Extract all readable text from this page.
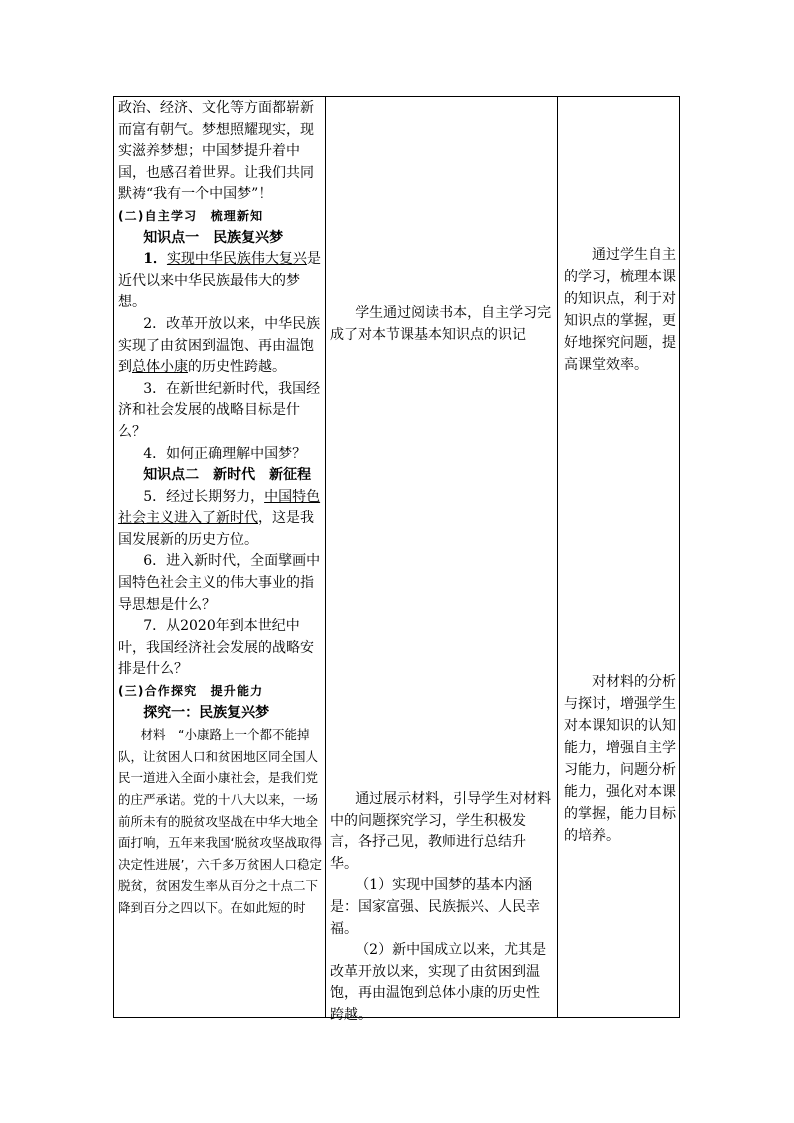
政治、经济、文化等方面都崭新而富有朝气。梦想照耀现实，现实滋养梦想；中国梦提升着中国，也感召着世界。让我们共同默祷“我有一个中国梦”！

(二)自主学习　梳理新知

知识点一　民族复兴梦

1．实现中华民族伟大复兴是近代以来中华民族最伟大的梦想。

2．改革开放以来，中华民族实现了由贫困到温饱、再由温饱到总体小康的历史性跨越。

3．在新世纪新时代，我国经济和社会发展的战略目标是什么？

4．如何正确理解中国梦？

知识点二　新时代　新征程

5．经过长期努力，中国特色社会主义进入了新时代，这是我国发展新的历史方位。

6．进入新时代，全面擘画中国特色社会主义的伟大事业的指导思想是什么？

7．从2020年到本世纪中叶，我国经济社会发展的战略安排是什么？

(三)合作探究　提升能力

探究一：民族复兴梦

材料　“小康路上一个都不能掉队，让贫困人口和贫困地区同全国人民一道进入全面小康社会，是我们党的庄严承诺。党的十八大以来，一场前所未有的脱贫攻坚战在中华大地全面打响，五年来我国‘脱贫攻坚战取得决定性进展’，六千多万贫困人口稳定脱贫，贫困发生率从百分之十点二下降到百分之四以下。在如此短的时

学生通过阅读书本，自主学习完成了对本节课基本知识点的识记

通过展示材料，引导学生对材料中的问题探究学习，学生积极发言，各抒己见，教师进行总结升华。

（1）实现中国梦的基本内涵是：国家富强、民族振兴、人民幸福。

（2）新中国成立以来，尤其是改革开放以来，实现了由贫困到温饱，再由温饱到总体小康的历史性跨越。

通过学生自主的学习，梳理本课的知识点，利于对知识点的掌握，更好地探究问题，提高课堂效率。

对材料的分析与探讨，增强学生对本课知识的认知能力，增强自主学习能力，问题分析能力，强化对本课的掌握，能力目标的培养。
